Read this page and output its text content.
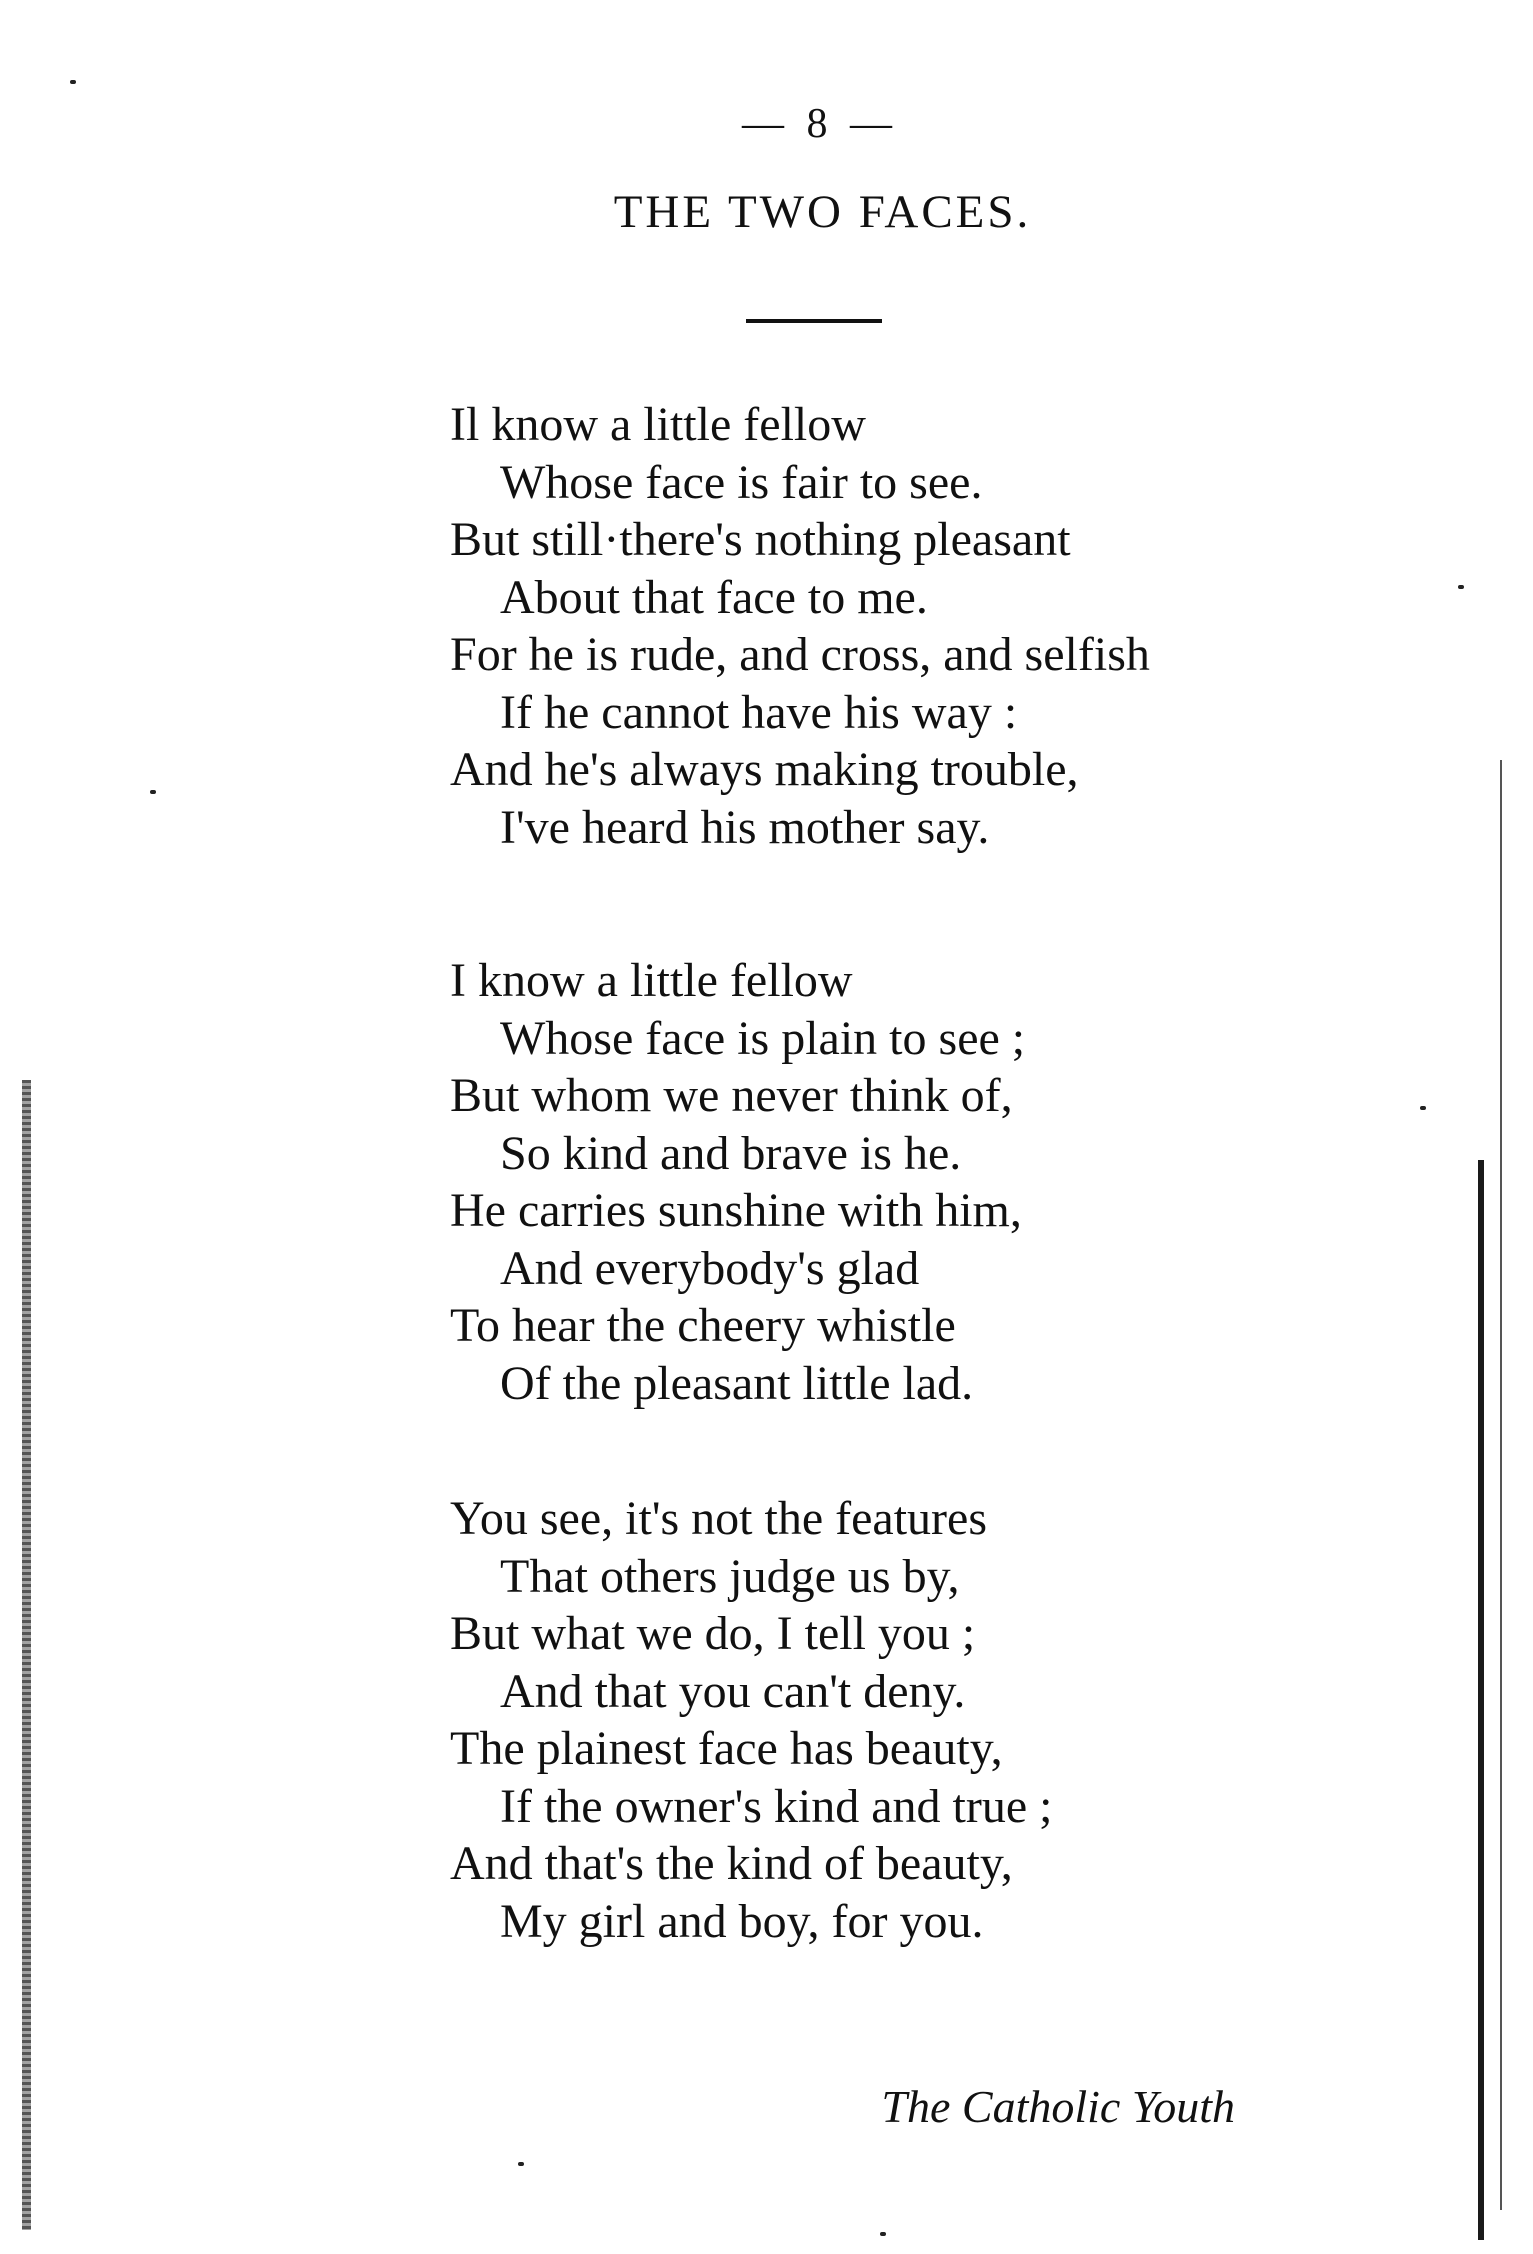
— 8 —
THE TWO FACES.
Il know a little fellow
Whose face is fair to see.
But still·there's nothing pleasant
About that face to me.
For he is rude, and cross, and selfish
If he cannot have his way :
And he's always making trouble,
I've heard his mother say.
I know a little fellow
Whose face is plain to see ;
But whom we never think of,
So kind and brave is he.
He carries sunshine with him,
And everybody's glad
To hear the cheery whistle
Of the pleasant little lad.
You see, it's not the features
That others judge us by,
But what we do, I tell you ;
And that you can't deny.
The plainest face has beauty,
If the owner's kind and true ;
And that's the kind of beauty,
My girl and boy, for you.
The Catholic Youth
